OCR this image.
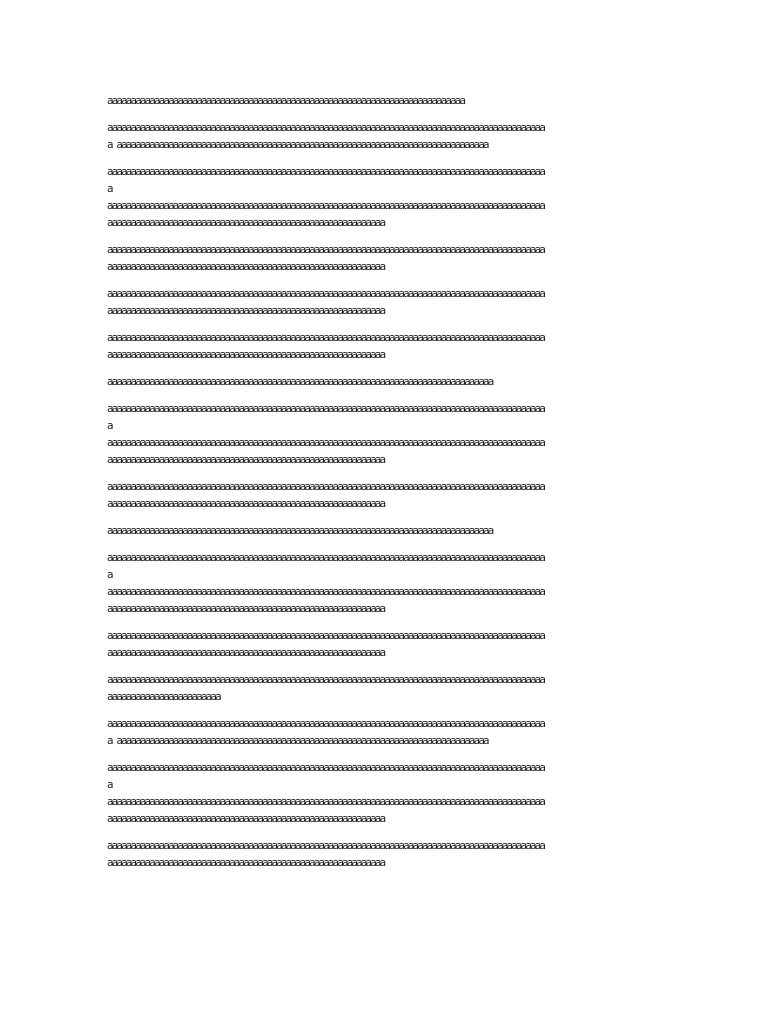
aaaaaaaaaaaaaaaaaaaaaaaaaaaaaaaaaaaaaaaaaaaaaaaaaaaaaaaaaaaaaaaaaaaaaaaaaaaa
aaaaaaaaaaaaaaaaaaaaaaaaaaaaaaaaaaaaaaaaaaaaaaaaaaaaaaaaaaaaaaaaaaaaaaaaaaaaaaaaaaaaaaaaaaaaa
a aaaaaaaaaaaaaaaaaaaaaaaaaaaaaaaaaaaaaaaaaaaaaaaaaaaaaaaaaaaaaaaaaaaaaaaaaaaaaaa
aaaaaaaaaaaaaaaaaaaaaaaaaaaaaaaaaaaaaaaaaaaaaaaaaaaaaaaaaaaaaaaaaaaaaaaaaaaaaaaaaaaaaaaaaaaaa
a
aaaaaaaaaaaaaaaaaaaaaaaaaaaaaaaaaaaaaaaaaaaaaaaaaaaaaaaaaaaaaaaaaaaaaaaaaaaaaaaaaaaaaaaaaaaaa
aaaaaaaaaaaaaaaaaaaaaaaaaaaaaaaaaaaaaaaaaaaaaaaaaaaaaaaaaaa
aaaaaaaaaaaaaaaaaaaaaaaaaaaaaaaaaaaaaaaaaaaaaaaaaaaaaaaaaaaaaaaaaaaaaaaaaaaaaaaaaaaaaaaaaaaaa
aaaaaaaaaaaaaaaaaaaaaaaaaaaaaaaaaaaaaaaaaaaaaaaaaaaaaaaaaaa
aaaaaaaaaaaaaaaaaaaaaaaaaaaaaaaaaaaaaaaaaaaaaaaaaaaaaaaaaaaaaaaaaaaaaaaaaaaaaaaaaaaaaaaaaaaaa
aaaaaaaaaaaaaaaaaaaaaaaaaaaaaaaaaaaaaaaaaaaaaaaaaaaaaaaaaaa
aaaaaaaaaaaaaaaaaaaaaaaaaaaaaaaaaaaaaaaaaaaaaaaaaaaaaaaaaaaaaaaaaaaaaaaaaaaaaaaaaaaaaaaaaaaaa
aaaaaaaaaaaaaaaaaaaaaaaaaaaaaaaaaaaaaaaaaaaaaaaaaaaaaaaaaaa
aaaaaaaaaaaaaaaaaaaaaaaaaaaaaaaaaaaaaaaaaaaaaaaaaaaaaaaaaaaaaaaaaaaaaaaaaaaaaaaaaa
aaaaaaaaaaaaaaaaaaaaaaaaaaaaaaaaaaaaaaaaaaaaaaaaaaaaaaaaaaaaaaaaaaaaaaaaaaaaaaaaaaaaaaaaaaaaa
a
aaaaaaaaaaaaaaaaaaaaaaaaaaaaaaaaaaaaaaaaaaaaaaaaaaaaaaaaaaaaaaaaaaaaaaaaaaaaaaaaaaaaaaaaaaaaa
aaaaaaaaaaaaaaaaaaaaaaaaaaaaaaaaaaaaaaaaaaaaaaaaaaaaaaaaaaa
aaaaaaaaaaaaaaaaaaaaaaaaaaaaaaaaaaaaaaaaaaaaaaaaaaaaaaaaaaaaaaaaaaaaaaaaaaaaaaaaaaaaaaaaaaaaa
aaaaaaaaaaaaaaaaaaaaaaaaaaaaaaaaaaaaaaaaaaaaaaaaaaaaaaaaaaa
aaaaaaaaaaaaaaaaaaaaaaaaaaaaaaaaaaaaaaaaaaaaaaaaaaaaaaaaaaaaaaaaaaaaaaaaaaaaaaaaaa
aaaaaaaaaaaaaaaaaaaaaaaaaaaaaaaaaaaaaaaaaaaaaaaaaaaaaaaaaaaaaaaaaaaaaaaaaaaaaaaaaaaaaaaaaaaaa
a
aaaaaaaaaaaaaaaaaaaaaaaaaaaaaaaaaaaaaaaaaaaaaaaaaaaaaaaaaaaaaaaaaaaaaaaaaaaaaaaaaaaaaaaaaaaaa
aaaaaaaaaaaaaaaaaaaaaaaaaaaaaaaaaaaaaaaaaaaaaaaaaaaaaaaaaaa
aaaaaaaaaaaaaaaaaaaaaaaaaaaaaaaaaaaaaaaaaaaaaaaaaaaaaaaaaaaaaaaaaaaaaaaaaaaaaaaaaaaaaaaaaaaaa
aaaaaaaaaaaaaaaaaaaaaaaaaaaaaaaaaaaaaaaaaaaaaaaaaaaaaaaaaaa
aaaaaaaaaaaaaaaaaaaaaaaaaaaaaaaaaaaaaaaaaaaaaaaaaaaaaaaaaaaaaaaaaaaaaaaaaaaaaaaaaaaaaaaaaaaaa
aaaaaaaaaaaaaaaaaaaaaaaa
aaaaaaaaaaaaaaaaaaaaaaaaaaaaaaaaaaaaaaaaaaaaaaaaaaaaaaaaaaaaaaaaaaaaaaaaaaaaaaaaaaaaaaaaaaaaa
a aaaaaaaaaaaaaaaaaaaaaaaaaaaaaaaaaaaaaaaaaaaaaaaaaaaaaaaaaaaaaaaaaaaaaaaaaaaaaaa
aaaaaaaaaaaaaaaaaaaaaaaaaaaaaaaaaaaaaaaaaaaaaaaaaaaaaaaaaaaaaaaaaaaaaaaaaaaaaaaaaaaaaaaaaaaaa
a
aaaaaaaaaaaaaaaaaaaaaaaaaaaaaaaaaaaaaaaaaaaaaaaaaaaaaaaaaaaaaaaaaaaaaaaaaaaaaaaaaaaaaaaaaaaaa
aaaaaaaaaaaaaaaaaaaaaaaaaaaaaaaaaaaaaaaaaaaaaaaaaaaaaaaaaaa
aaaaaaaaaaaaaaaaaaaaaaaaaaaaaaaaaaaaaaaaaaaaaaaaaaaaaaaaaaaaaaaaaaaaaaaaaaaaaaaaaaaaaaaaaaaaa
aaaaaaaaaaaaaaaaaaaaaaaaaaaaaaaaaaaaaaaaaaaaaaaaaaaaaaaaaaa
